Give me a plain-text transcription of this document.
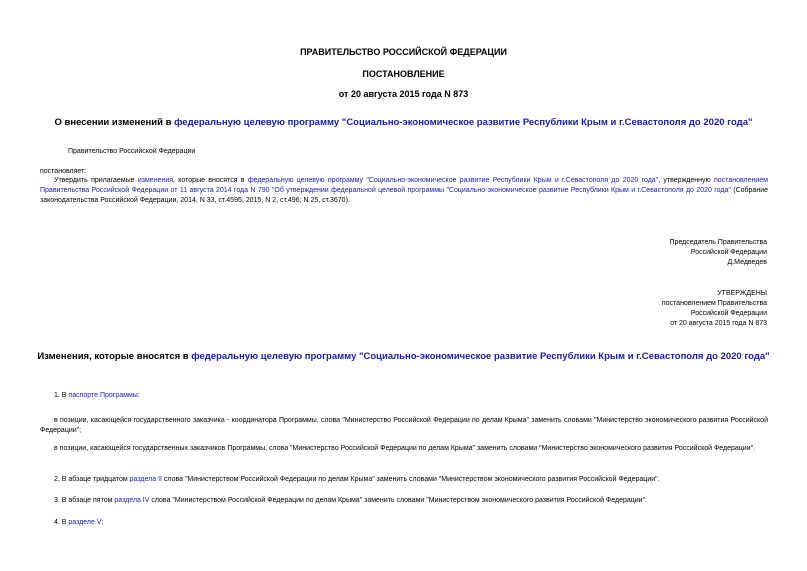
ПРАВИТЕЛЬСТВО РОССИЙСКОЙ ФЕДЕРАЦИИ
ПОСТАНОВЛЕНИЕ
от 20 августа 2015 года N 873
О внесении изменений в федеральную целевую программу "Социально-экономическое развитие Республики Крым и г.Севастополя до 2020 года"
Правительство Российской Федерации
постановляет:
Утвердить прилагаемые изменения, которые вносятся в федеральную целевую программу "Социально-экономическое развитие Республики Крым и г.Севастополя до 2020 года", утвержденную постановлением Правительства Российской Федерации от 11 августа 2014 года N 790 "Об утверждении федеральной целевой программы "Социально-экономическое развитие Республики Крым и г.Севастополя до 2020 года" (Собрание законодательства Российской Федерации, 2014, N 33, ст.4595; 2015, N 2, ст.496; N 25, ст.3670).
Председатель Правительства
Российской Федерации
Д.Медведев
УТВЕРЖДЕНЫ
постановлением Правительства
Российской Федерации
от 20 августа 2015 года N 873
Изменения, которые вносятся в федеральную целевую программу "Социально-экономическое развитие Республики Крым и г.Севастополя до 2020 года"
1. В паспорте Программы:
в позиции, касающейся государственного заказчика - координатора Программы, слова "Министерство Российской Федерации по делам Крыма" заменить словами "Министерство экономического развития Российской Федерации";
в позиции, касающейся государственных заказчиков Программы, слова "Министерство Российской Федерации по делам Крыма" заменить словами "Министерство экономического развития Российской Федерации".
2. В абзаце тридцатом раздела II слова "Министерством Российской Федерации по делам Крыма" заменить словами "Министерством экономического развития Российской Федерации".
3. В абзаце пятом раздела IV слова "Министерством Российской Федерации по делам Крыма" заменить словами "Министерством экономического развития Российской Федерации".
4. В разделе V:
